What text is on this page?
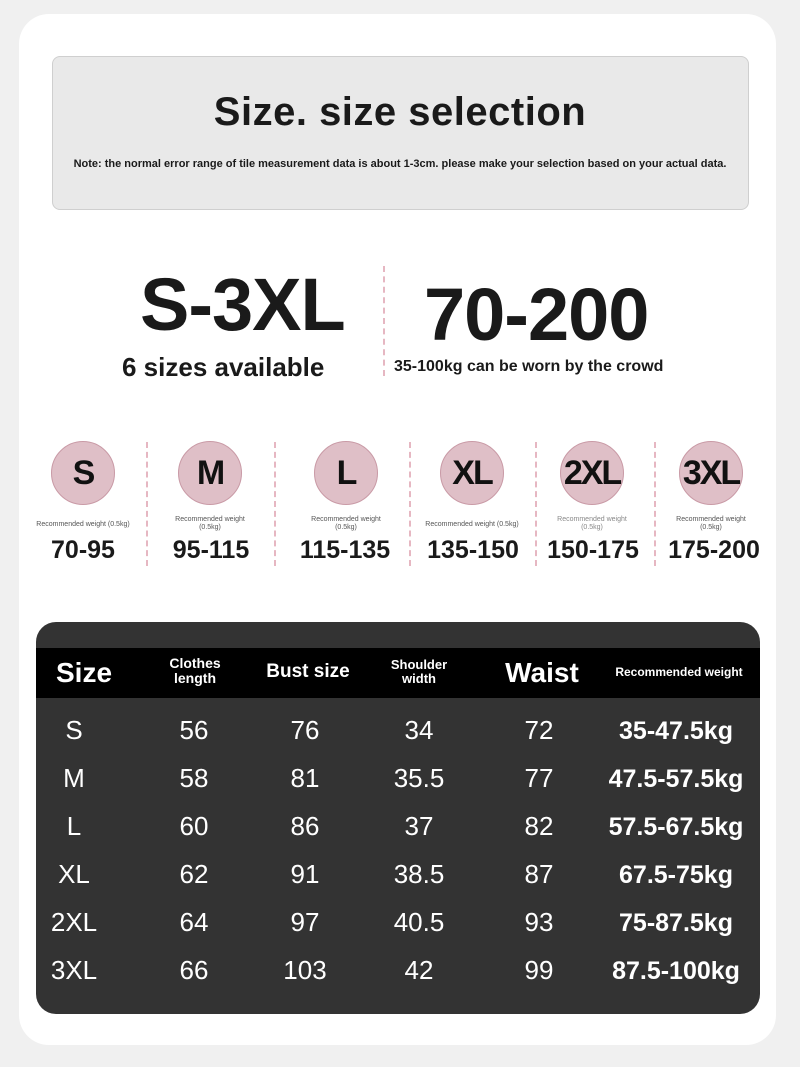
Size. size selection
Note: the normal error range of tile measurement data is about 1-3cm. please make your selection based on your actual data.
S-3XL
6 sizes available
70-200
35-100kg can be worn by the crowd
S
Recommended weight (0.5kg)
70-95
M
Recommended weight (0.5kg)
95-115
L
Recommended weight (0.5kg)
115-135
XL
Recommended weight (0.5kg)
135-150
2XL
Recommended weight (0.5kg)
150-175
3XL
Recommended weight (0.5kg)
175-200
Size	Clothes length	Bust size	Shoulder width	Waist	Recommended weight
S	56	76	34	72	35-47.5kg
M	58	81	35.5	77	47.5-57.5kg
L	60	86	37	82	57.5-67.5kg
XL	62	91	38.5	87	67.5-75kg
2XL	64	97	40.5	93	75-87.5kg
3XL	66	103	42	99	87.5-100kg
